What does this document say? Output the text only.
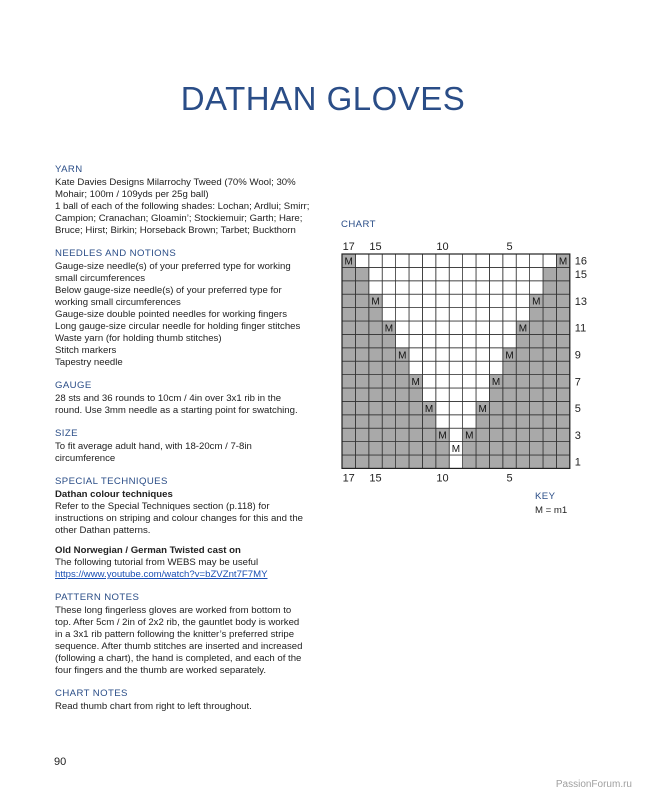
DATHAN GLOVES
YARN

Kate Davies Designs Milarrochy Tweed (70% Wool; 30%

Mohair; 100m / 109yds per 25g ball)

1 ball of each of the following shades: Lochan; Ardlui; Smirr;

Campion; Cranachan; Gloamin’; Stockiemuir; Garth; Hare;

Bruce; Hirst; Birkin; Horseback Brown; Tarbet; Buckthorn

NEEDLES AND NOTIONS

Gauge-size needle(s) of your preferred type for working

small circumferences

Below gauge-size needle(s) of your preferred type for

working small circumferences

Gauge-size double pointed needles for working fingers

Long gauge-size circular needle for holding finger stitches

Waste yarn (for holding thumb stitches)

Stitch markers

Tapestry needle

GAUGE

28 sts and 36 rounds to 10cm / 4in over 3x1 rib in the

round. Use 3mm needle as a starting point for swatching.

SIZE

To fit average adult hand, with 18-20cm / 7-8in

circumference

SPECIAL TECHNIQUES

Dathan colour techniques

Refer to the Special Techniques section (p.118) for

instructions on striping and colour changes for this and the

other Dathan patterns.

Old Norwegian / German Twisted cast on

The following tutorial from WEBS may be useful

https://www.youtube.com/watch?v=bZVZnt7F7MY

PATTERN NOTES

These long fingerless gloves are worked from bottom to

top. After 5cm / 2in of 2x2 rib, the gauntlet body is worked

in a 3x1 rib pattern following the knitter’s preferred stripe

sequence. After thumb stitches are inserted and increased

(following a chart), the hand is completed, and each of the

four fingers and the thumb are worked separately.

CHART NOTES

Read thumb chart from right to left throughout.

CHART
M	M
M	M
M	M
M	M
M	M
M	M
M M
M
17
17
15
15
10
10
5
5
16
15
13
11
9
7
5
3
1
KEY
M = m1
90
PassionForum.ru
